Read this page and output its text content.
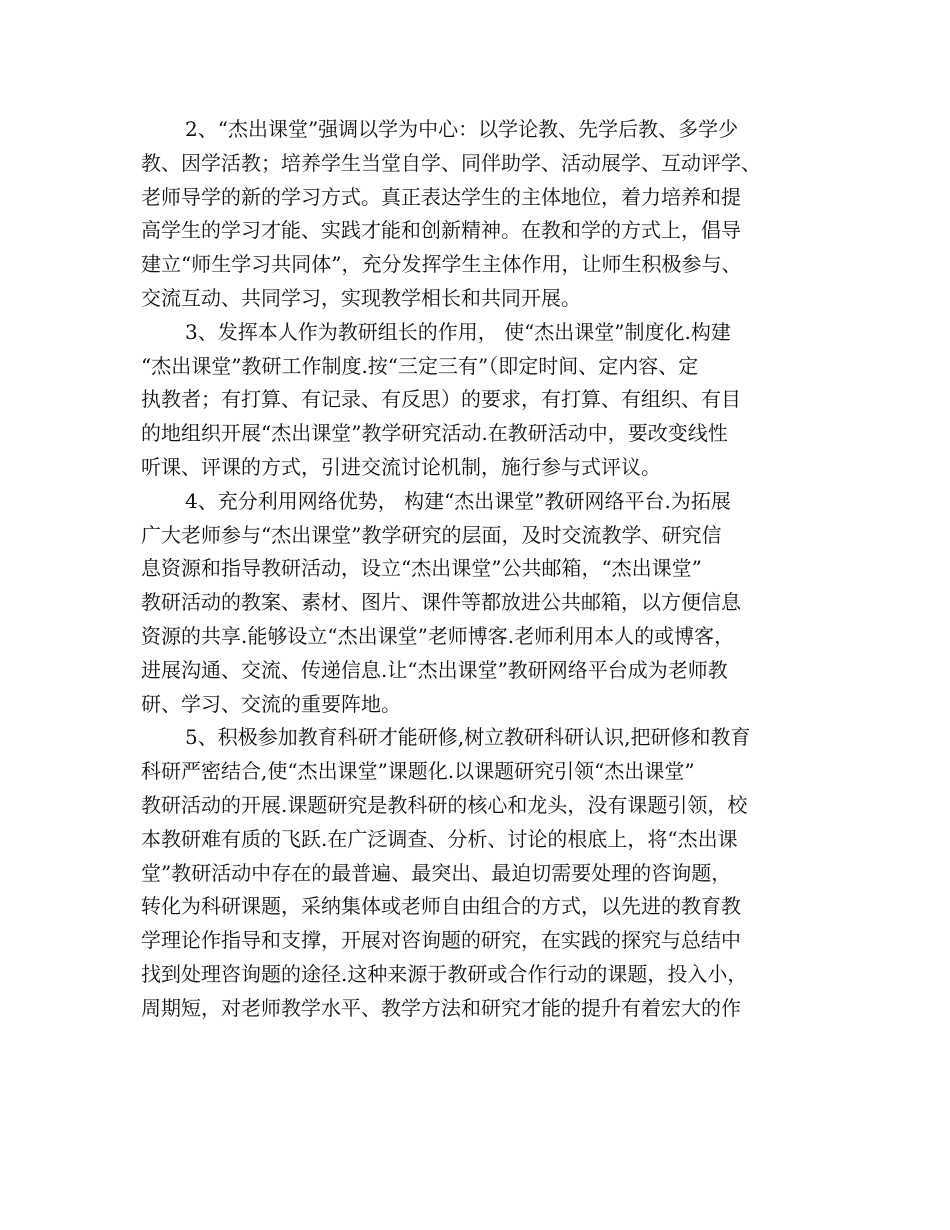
2、“杰出课堂”强调以学为中心：以学论教、先学后教、多学少
教、因学活教；培养学生当堂自学、同伴助学、活动展学、互动评学、
老师导学的新的学习方式。真正表达学生的主体地位，着力培养和提
高学生的学习才能、实践才能和创新精神。在教和学的方式上，倡导
建立“师生学习共同体”，充分发挥学生主体作用，让师生积极参与、
交流互动、共同学习，实现教学相长和共同开展。
3、发挥本人作为教研组长的作用， 使“杰出课堂”制度化.构建
“杰出课堂”教研工作制度.按“三定三有”（即定时间、定内容、定
执教者；有打算、有记录、有反思）的要求，有打算、有组织、有目
的地组织开展“杰出课堂”教学研究活动.在教研活动中，要改变线性
听课、评课的方式，引进交流讨论机制，施行参与式评议。
4、充分利用网络优势， 构建“杰出课堂”教研网络平台.为拓展
广大老师参与“杰出课堂”教学研究的层面，及时交流教学、研究信
息资源和指导教研活动，设立“杰出课堂”公共邮箱，“杰出课堂”
教研活动的教案、素材、图片、课件等都放进公共邮箱，以方便信息
资源的共享.能够设立“杰出课堂”老师博客.老师利用本人的或博客，
进展沟通、交流、传递信息.让“杰出课堂”教研网络平台成为老师教
研、学习、交流的重要阵地。
5、积极参加教育科研才能研修,树立教研科研认识,把研修和教育
科研严密结合,使“杰出课堂”课题化.以课题研究引领“杰出课堂”
教研活动的开展.课题研究是教科研的核心和龙头，没有课题引领，校
本教研难有质的飞跃.在广泛调查、分析、讨论的根底上，将“杰出课
堂”教研活动中存在的最普遍、最突出、最迫切需要处理的咨询题，
转化为科研课题，采纳集体或老师自由组合的方式，以先进的教育教
学理论作指导和支撑，开展对咨询题的研究，在实践的探究与总结中
找到处理咨询题的途径.这种来源于教研或合作行动的课题，投入小，
周期短，对老师教学水平、教学方法和研究才能的提升有着宏大的作
